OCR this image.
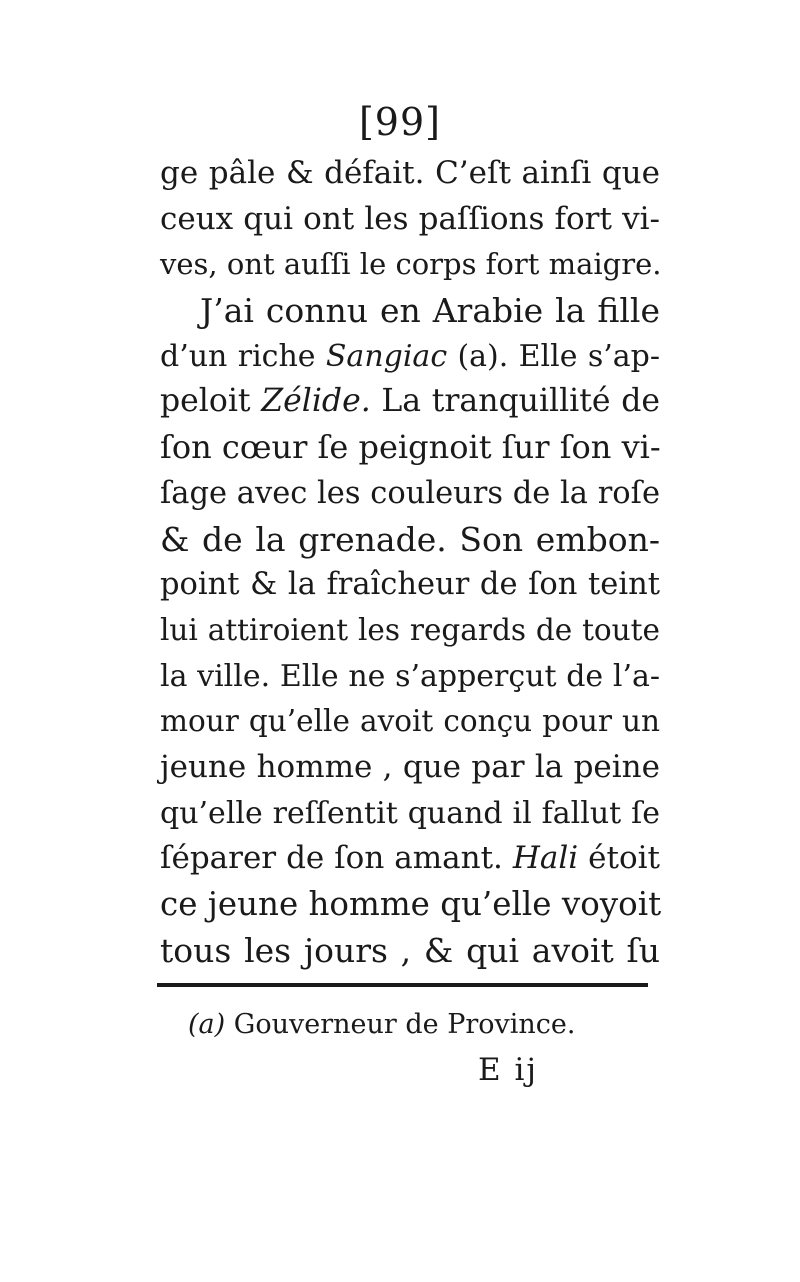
[99]
ge pâle & défait. C’eſt ainſi que
ceux qui ont les paſſions fort vi-
ves, ont auſſi le corps fort maigre.
J’ai connu en Arabie la fille
d’un riche Sangiac (a). Elle s’ap-
peloit Zélide. La tranquillité de
ſon cœur ſe peignoit ſur ſon vi-
ſage avec les couleurs de la roſe
& de la grenade. Son embon-
point & la fraîcheur de ſon teint
lui attiroient les regards de toute
la ville. Elle ne s’apperçut de l’a-
mour qu’elle avoit conçu pour un
jeune homme , que par la peine
qu’elle reſſentit quand il fallut ſe
ſéparer de ſon amant. Hali étoit
ce jeune homme qu’elle voyoit
tous les jours , & qui avoit ſu
(a) Gouverneur de Province.
E ij
